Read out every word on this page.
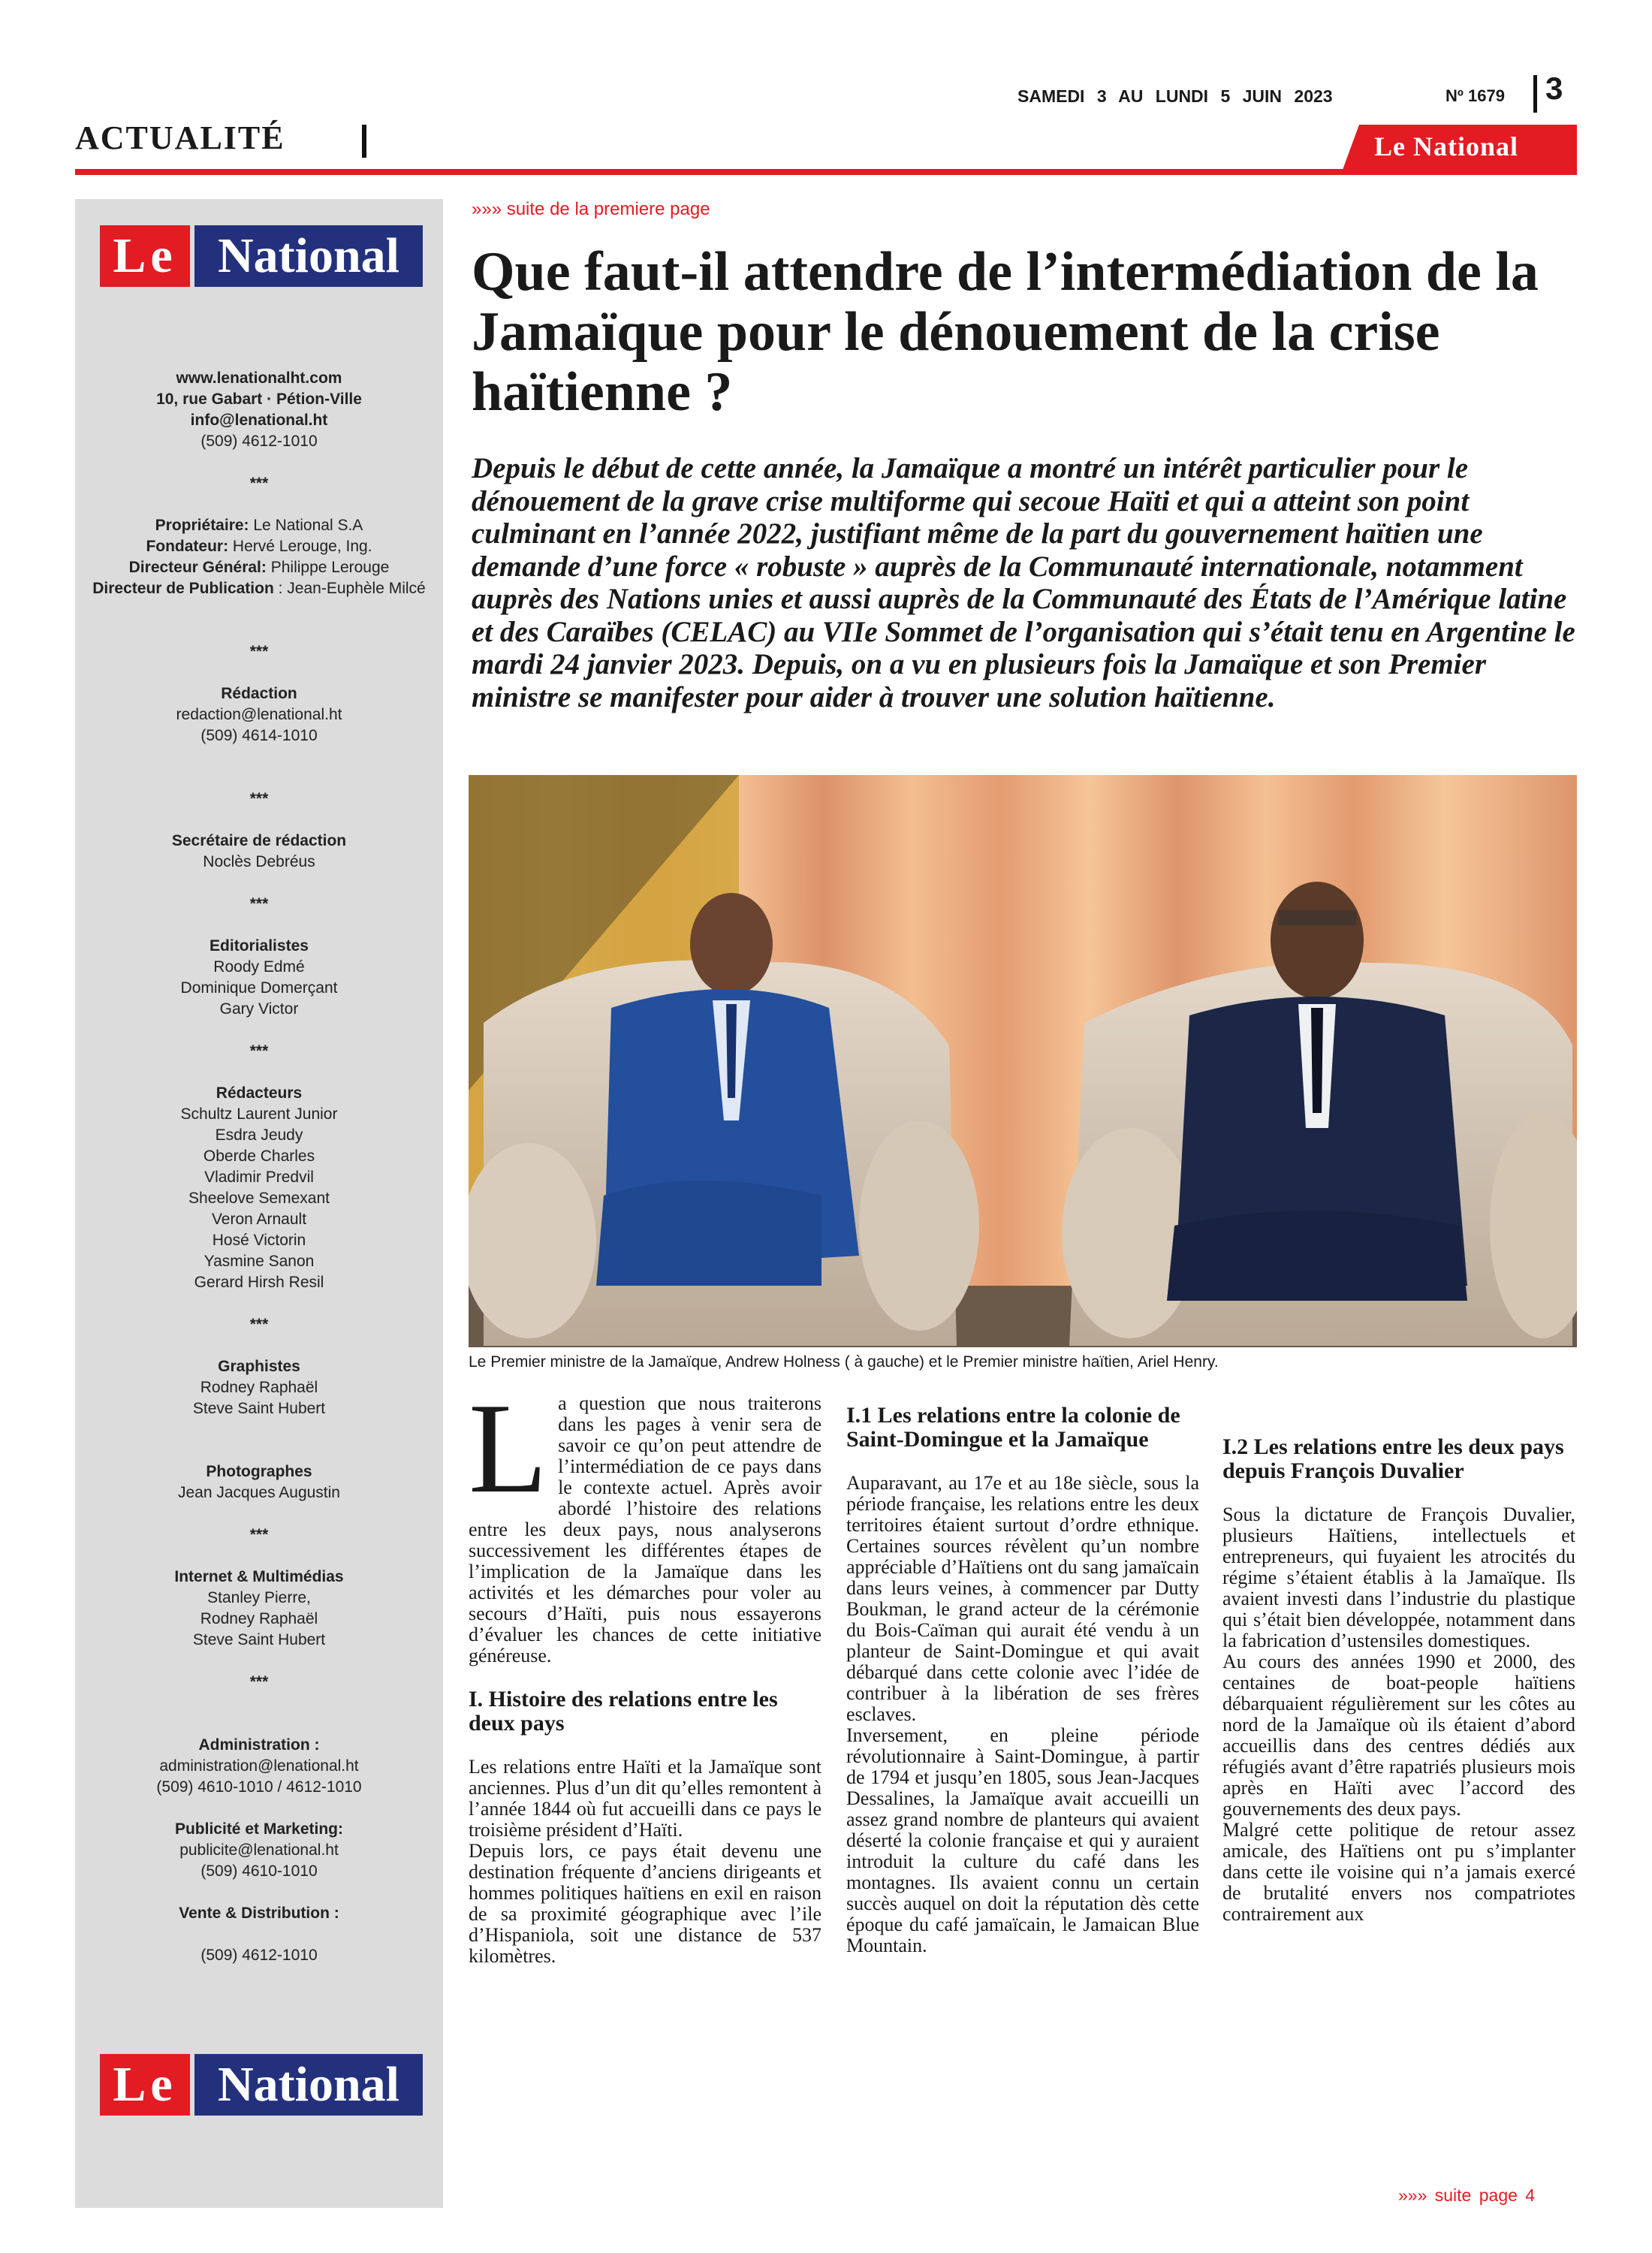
ACTUALITÉ
SAMEDI 3 AU LUNDI 5 JUIN 2023	Nº 1679 3
Le National
Le National
www.lenationalht.com
10, rue Gabart · Pétion-Ville
info@lenational.ht
(509) 4612-1010
***
Propriétaire: Le National S.A
Fondateur: Hervé Lerouge, Ing.
Directeur Général: Philippe Lerouge
Directeur de Publication : Jean-Euphèle Milcé
***
Rédaction
redaction@lenational.ht
(509) 4614-1010
***
Secrétaire de rédaction
Noclès Debréus
***
Editorialistes
Roody Edmé
Dominique Domerçant
Gary Victor
***
Rédacteurs
Schultz Laurent Junior
Esdra Jeudy
Oberde Charles
Vladimir Predvil
Sheelove Semexant
Veron Arnault
Hosé Victorin
Yasmine Sanon
Gerard Hirsh Resil
***
Graphistes
Rodney Raphaël
Steve Saint Hubert
Photographes
Jean Jacques Augustin
***
Internet & Multimédias
Stanley Pierre,
Rodney Raphaël
Steve Saint Hubert
***
Administration :
administration@lenational.ht
(509) 4610-1010 / 4612-1010
Publicité et Marketing:
publicite@lenational.ht
(509) 4610-1010
Vente & Distribution :
(509) 4612-1010
Le National
»»» suite de la premiere page
Que faut-il attendre de l’intermédiation de la Jamaïque pour le dénouement de la crise haïtienne ?

Depuis le début de cette année, la Jamaïque a montré un intérêt particulier pour le dénouement de la grave crise multiforme qui secoue Haïti et qui a atteint son point culminant en l’année 2022, justifiant même de la part du gouvernement haïtien une demande d’une force « robuste » auprès de la Communauté internationale, notamment auprès des Nations unies et aussi auprès de la Communauté des États de l’Amérique latine et des Caraïbes (CELAC) au VIIe Sommet de l’organisation qui s’était tenu en Argentine le mardi 24 janvier 2023. Depuis, on a vu en plusieurs fois la Jamaïque et son Premier ministre se manifester pour aider à trouver une solution haïtienne.

Le Premier ministre de la Jamaïque, Andrew Holness ( à gauche) et le Premier ministre haïtien, Ariel Henry.

La question que nous traiterons dans les pages à venir sera de savoir ce qu’on peut attendre de l’intermédiation de ce pays dans le contexte actuel. Après avoir abordé l’histoire des relations entre les deux pays, nous analyserons successivement les différentes étapes de l’implication de la Jamaïque dans les activités et les démarches pour voler au secours d’Haïti, puis nous essayerons d’évaluer les chances de cette initiative généreuse.

I. Histoire des relations entre les deux pays

Les relations entre Haïti et la Jamaïque sont anciennes. Plus d’un dit qu’elles remontent à l’année 1844 où fut accueilli dans ce pays le troisième président d’Haïti.

Depuis lors, ce pays était devenu une destination fréquente d’anciens dirigeants et hommes politiques haïtiens en exil en raison de sa proximité géographique avec l’ile d’Hispaniola, soit une distance de 537 kilomètres.

I.1 Les relations entre la colonie de Saint-Domingue et la Jamaïque

Auparavant, au 17e et au 18e siècle, sous la période française, les relations entre les deux territoires étaient surtout d’ordre ethnique. Certaines sources révèlent qu’un nombre appréciable d’Haïtiens ont du sang jamaïcain dans leurs veines, à commencer par Dutty Boukman, le grand acteur de la cérémonie du Bois-Caïman qui aurait été vendu à un planteur de Saint-Domingue et qui avait débarqué dans cette colonie avec l’idée de contribuer à la libération de ses frères esclaves.

Inversement, en pleine période révolutionnaire à Saint-Domingue, à partir de 1794 et jusqu’en 1805, sous Jean-Jacques Dessalines, la Jamaïque avait accueilli un assez grand nombre de planteurs qui avaient déserté la colonie française et qui y auraient introduit la culture du café dans les montagnes. Ils avaient connu un certain succès auquel on doit la réputation dès cette époque du café jamaïcain, le Jamaican Blue Mountain.

I.2 Les relations entre les deux pays depuis François Duvalier

Sous la dictature de François Duvalier, plusieurs Haïtiens, intellectuels et entrepreneurs, qui fuyaient les atrocités du régime s’étaient établis à la Jamaïque. Ils avaient investi dans l’industrie du plastique qui s’était bien développée, notamment dans la fabrication d’ustensiles domestiques.

Au cours des années 1990 et 2000, des centaines de boat-people haïtiens débarquaient régulièrement sur les côtes au nord de la Jamaïque où ils étaient d’abord accueillis dans des centres dédiés aux réfugiés avant d’être rapatriés plusieurs mois après en Haïti avec l’accord des gouvernements des deux pays.

Malgré cette politique de retour assez amicale, des Haïtiens ont pu s’implanter dans cette ile voisine qui n’a jamais exercé de brutalité envers nos compatriotes contrairement aux

»»» suite page 4
